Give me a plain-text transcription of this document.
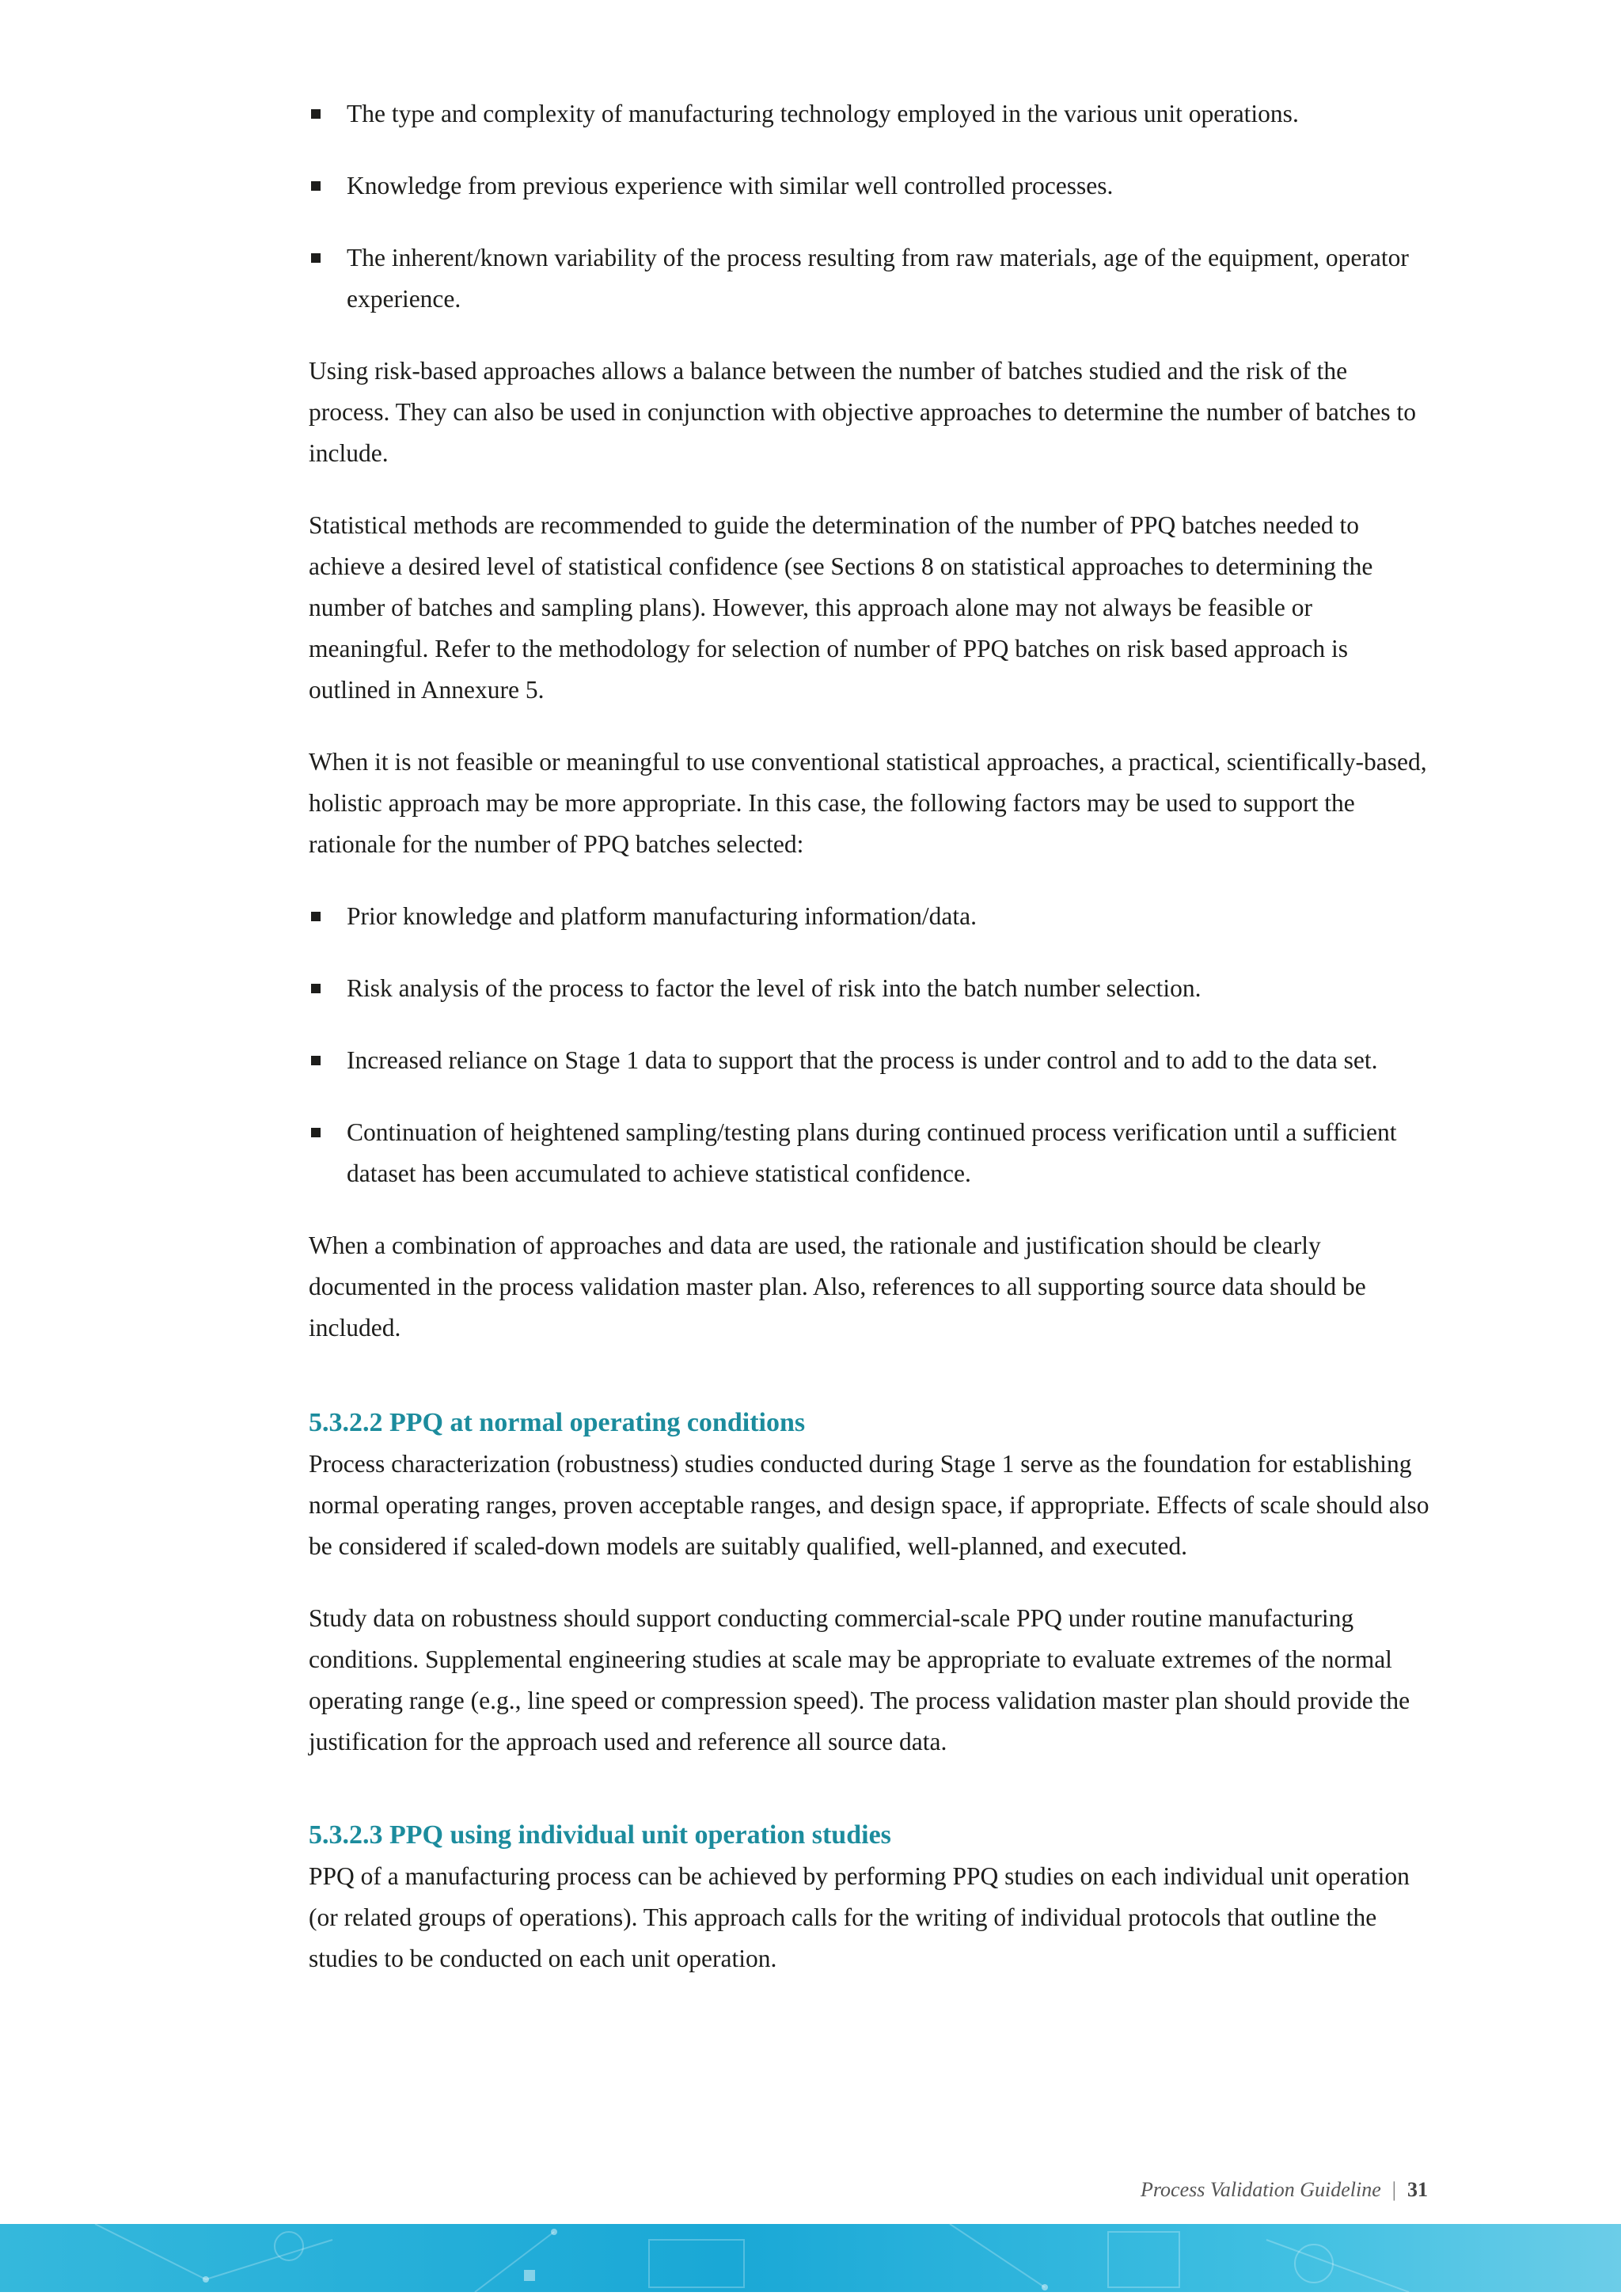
The type and complexity of manufacturing technology employed in the various unit operations.
Knowledge from previous experience with similar well controlled processes.
The inherent/known variability of the process resulting from raw materials, age of the equipment, operator experience.

Using risk-based approaches allows a balance between the number of batches studied and the risk of the process. They can also be used in conjunction with objective approaches to determine the number of batches to include.

Statistical methods are recommended to guide the determination of the number of PPQ batches needed to achieve a desired level of statistical confidence (see Sections 8 on statistical approaches to determining the number of batches and sampling plans). However, this approach alone may not always be feasible or meaningful. Refer to the methodology for selection of number of PPQ batches on risk based approach is outlined in Annexure 5.

When it is not feasible or meaningful to use conventional statistical approaches, a practical, scientifically-based, holistic approach may be more appropriate. In this case, the following factors may be used to support the rationale for the number of PPQ batches selected:

Prior knowledge and platform manufacturing information/data.
Risk analysis of the process to factor the level of risk into the batch number selection.
Increased reliance on Stage 1 data to support that the process is under control and to add to the data set.
Continuation of heightened sampling/testing plans during continued process verification until a sufficient dataset has been accumulated to achieve statistical confidence.

When a combination of approaches and data are used, the rationale and justification should be clearly documented in the process validation master plan. Also, references to all supporting source data should be included.

5.3.2.2 PPQ at normal operating conditions

Process characterization (robustness) studies conducted during Stage 1 serve as the foundation for establishing normal operating ranges, proven acceptable ranges, and design space, if appropriate. Effects of scale should also be considered if scaled-down models are suitably qualified, well-planned, and executed.

Study data on robustness should support conducting commercial-scale PPQ under routine manufacturing conditions. Supplemental engineering studies at scale may be appropriate to evaluate extremes of the normal operating range (e.g., line speed or compression speed). The process validation master plan should provide the justification for the approach used and reference all source data.

5.3.2.3 PPQ using individual unit operation studies

PPQ of a manufacturing process can be achieved by performing PPQ studies on each individual unit operation (or related groups of operations). This approach calls for the writing of individual protocols that outline the studies to be conducted on each unit operation.

Process Validation Guideline | 31
